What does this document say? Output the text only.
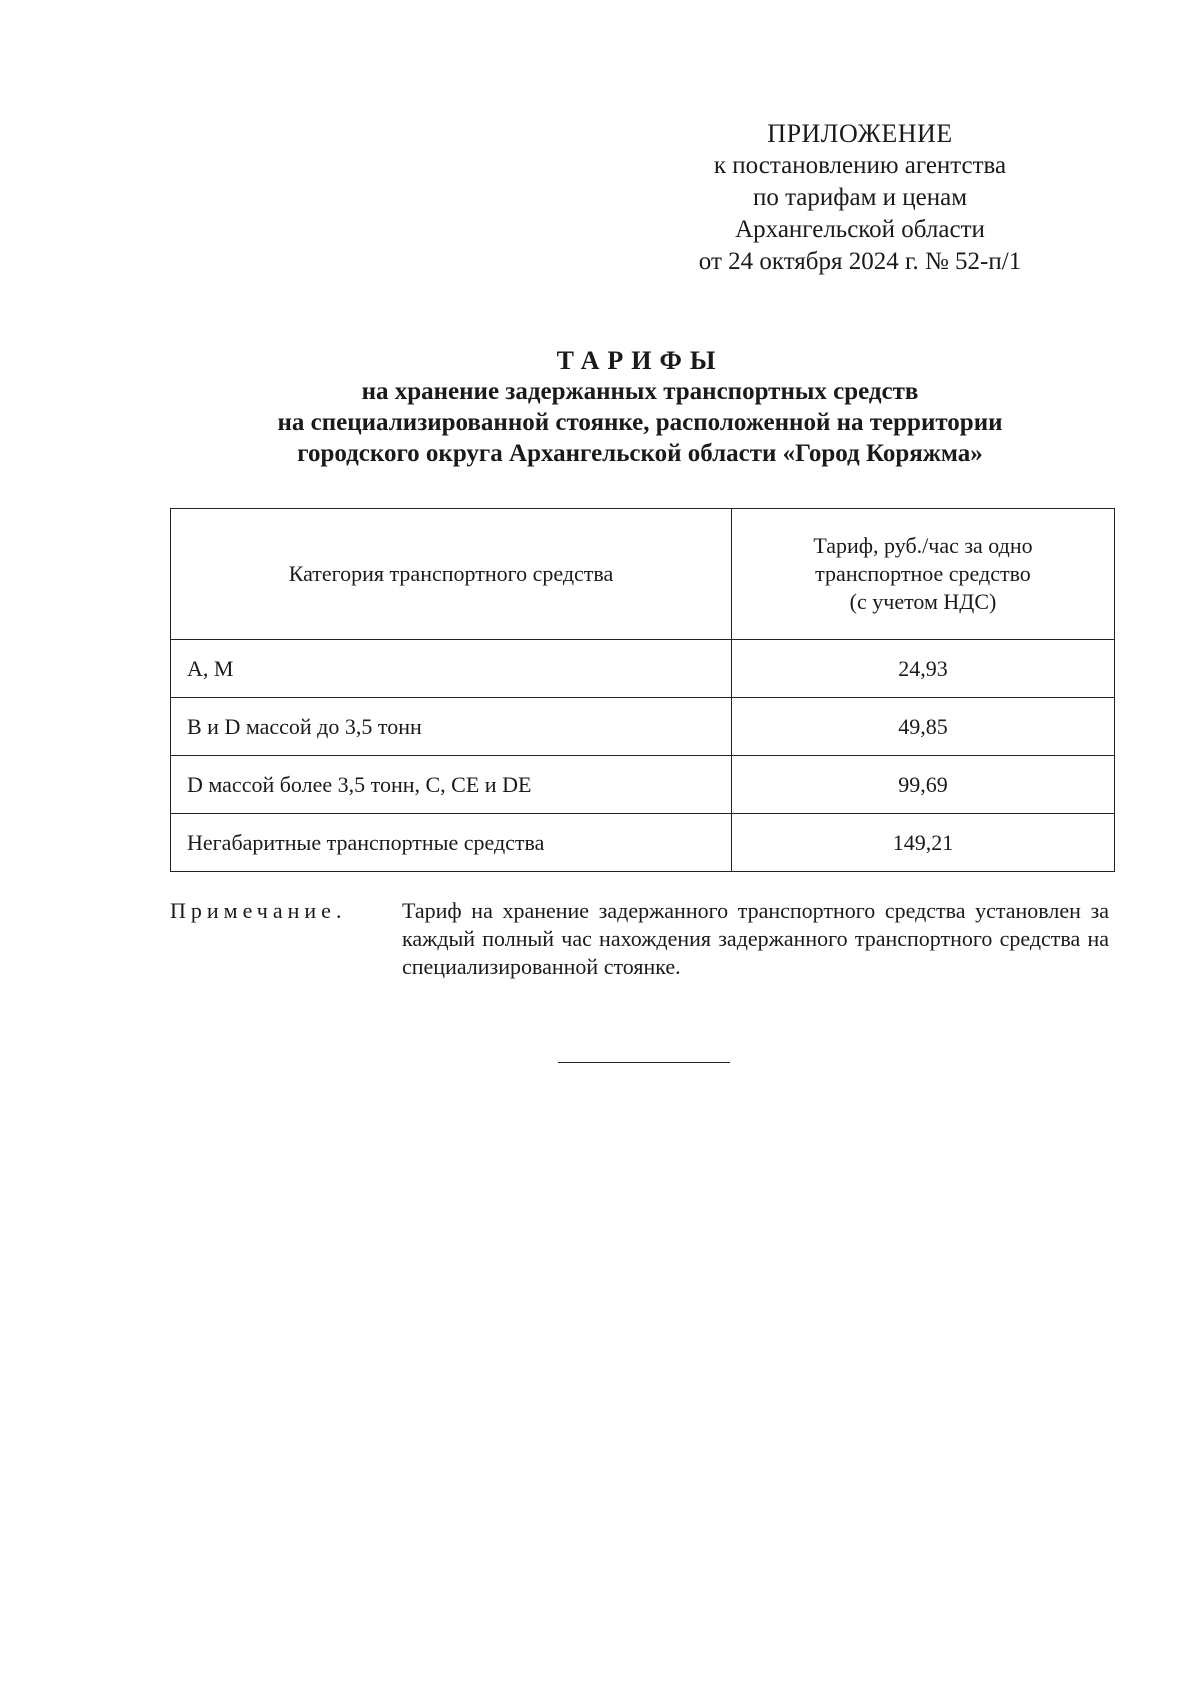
ПРИЛОЖЕНИЕ
к постановлению агентства
по тарифам и ценам
Архангельской области
от 24 октября 2024 г. № 52-п/1
ТАРИФЫ
на хранение задержанных транспортных средств
на специализированной стоянке, расположенной на территории
городского округа Архангельской области «Город Коряжма»
Категория транспортного средства	Тариф, руб./час за одно
транспортное средство
(с учетом НДС)

A, M	24,93
B и D массой до 3,5 тонн	49,85
D массой более 3,5 тонн, C, CE и DE	99,69
Негабаритные транспортные средства	149,21
Примечание.	Тариф на хранение задержанного транспортного средства установлен за каждый полный час нахождения задержанного транспортного средства на специализированной стоянке.
